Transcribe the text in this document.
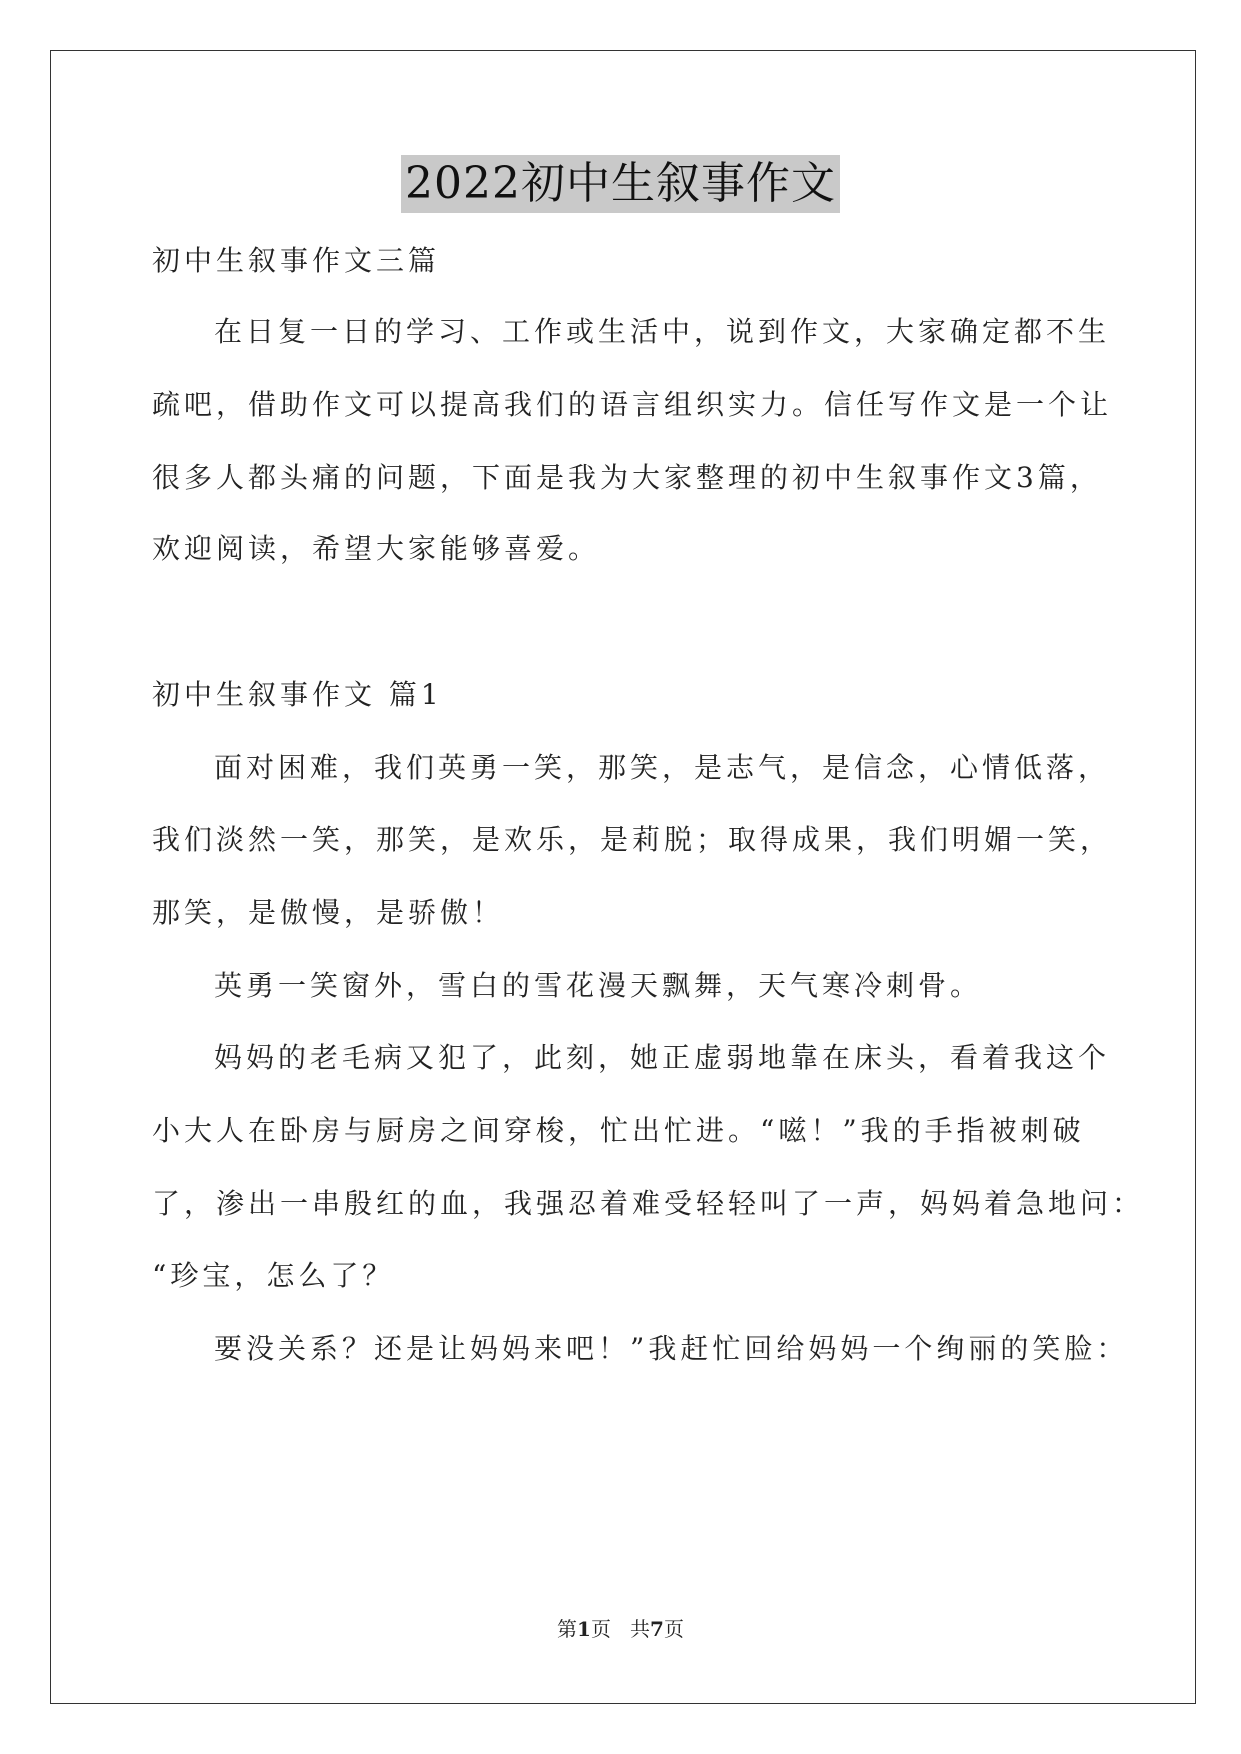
2022初中生叙事作文
初中生叙事作文三篇
在日复一日的学习、工作或生活中，说到作文，大家确定都不生
疏吧，借助作文可以提高我们的语言组织实力。信任写作文是一个让
很多人都头痛的问题，下面是我为大家整理的初中生叙事作文3篇，
欢迎阅读，希望大家能够喜爱。
初中生叙事作文 篇1
面对困难，我们英勇一笑，那笑，是志气，是信念，心情低落，
我们淡然一笑，那笑，是欢乐，是莉脱；取得成果，我们明媚一笑，
那笑，是傲慢，是骄傲！
英勇一笑窗外，雪白的雪花漫天飘舞，天气寒冷刺骨。
妈妈的老毛病又犯了，此刻，她正虚弱地靠在床头，看着我这个
小大人在卧房与厨房之间穿梭，忙出忙进。“嗞！”我的手指被刺破
了，渗出一串殷红的血，我强忍着难受轻轻叫了一声，妈妈着急地问：
“珍宝，怎么了？
要没关系？还是让妈妈来吧！”我赶忙回给妈妈一个绚丽的笑脸：
第1页 共7页
